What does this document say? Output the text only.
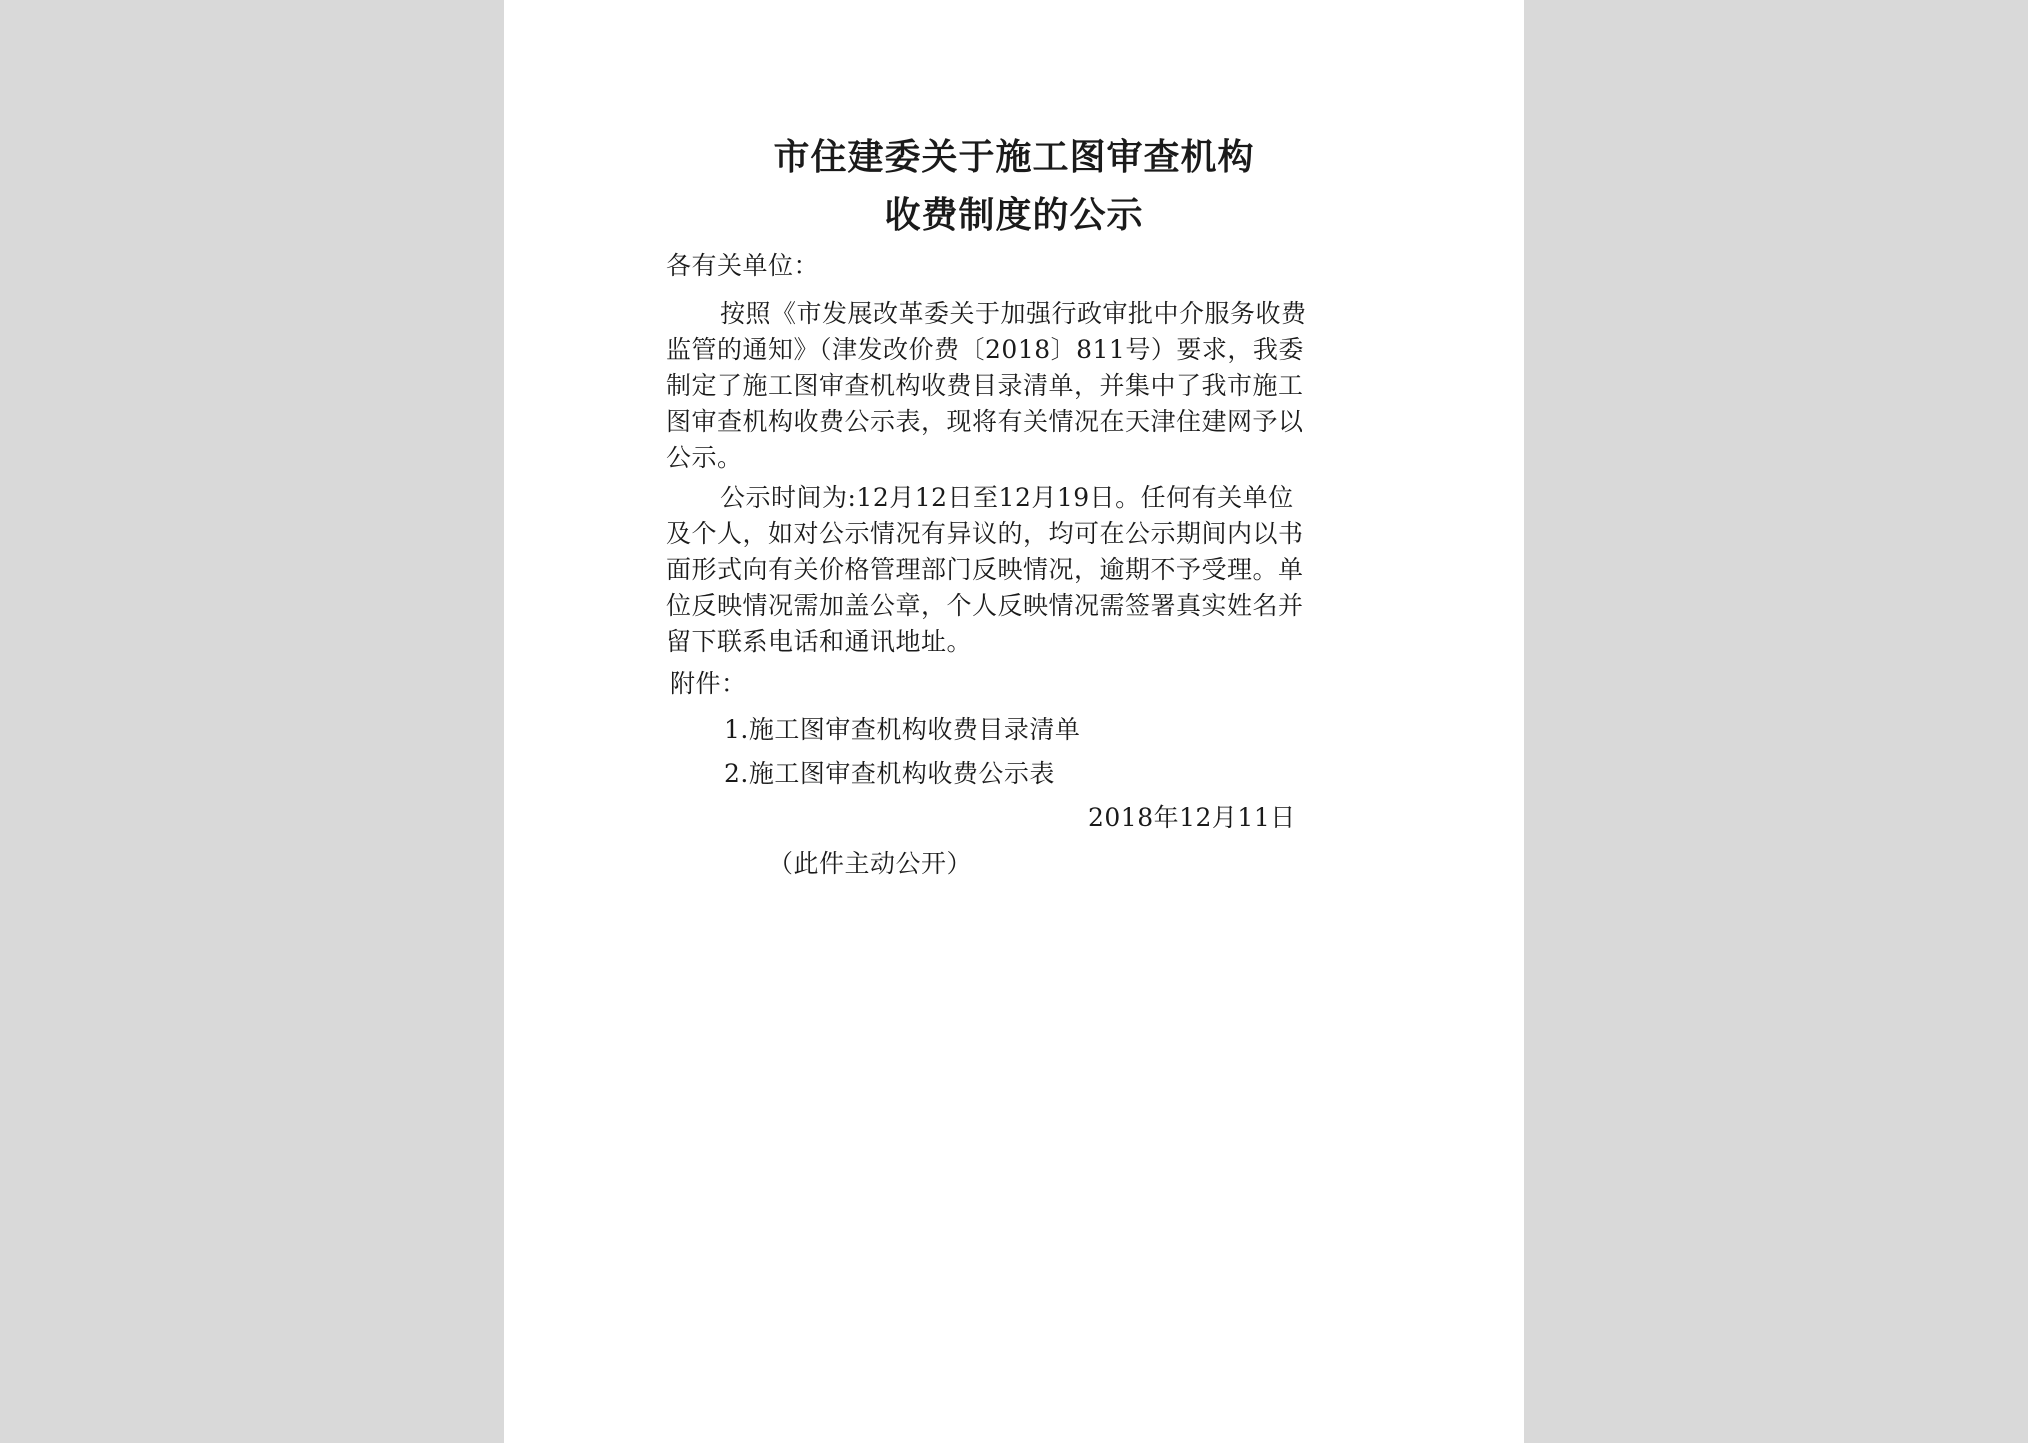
市住建委关于施工图审查机构
收费制度的公示
各有关单位：
按照《市发展改革委关于加强行政审批中介服务收费
监管的通知》（津发改价费〔2018〕811号）要求，我委
制定了施工图审查机构收费目录清单，并集中了我市施工
图审查机构收费公示表，现将有关情况在天津住建网予以
公示。
公示时间为:12月12日至12月19日。任何有关单位
及个人，如对公示情况有异议的，均可在公示期间内以书
面形式向有关价格管理部门反映情况，逾期不予受理。单
位反映情况需加盖公章，个人反映情况需签署真实姓名并
留下联系电话和通讯地址。
附件：
1.施工图审查机构收费目录清单
2.施工图审查机构收费公示表
2018年12月11日
（此件主动公开）
